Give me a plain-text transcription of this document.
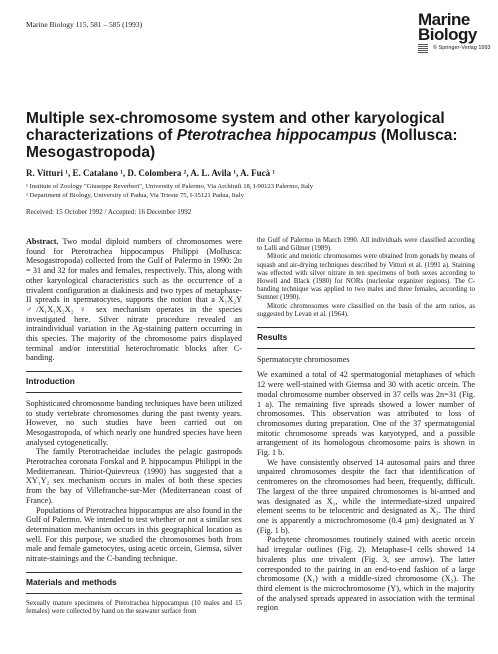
Marine Biology 115, 581 – 585 (1993)	Marine
Biology
© Springer-Verlag 1993
Multiple sex-chromosome system and other karyological characterizations of Pterotrachea hippocampus (Mollusca: Mesogastropoda)
R. Vitturi ¹, E. Catalano ¹, D. Colombera ², A. L. Avila ¹, A. Fucà ¹
¹ Institute of Zoology "Giuseppe Reverberi", University of Palermo, Via Archirafi 18, I-90123 Palermo, Italy
² Department of Biology, University of Padua, Via Trieste 75, I-35121 Padua, Italy
Received: 15 October 1992 / Accepted: 16 December 1992

Abstract. Two modal diploid numbers of chromosomes were found for Pterotrachea hippocampus Philippi (Mollusca: Mesogastropoda) collected from the Gulf of Palermo in 1990: 2n = 31 and 32 for males and females, respectively. This, along with other karyological characteristics such as the occurrence of a trivalent configuration at diakinesis and two types of metaphase-II spreads in spermatocytes, supports the notion that a X₁X₂Y ♂/X₁X₁X₂X₂ ♀ sex mechanism operates in the species investigated here. Silver nitrate procedure revealed an intraindividual variation in the Ag-staining pattern occurring in this species. The majority of the chromosome pairs displayed terminal and/or interstitial heterochromatic blocks after C-banding.

Introduction

Sophisticated chromosome banding techniques have been utilized to study vertebrate chromosomes during the past twenty years. However, no such studies have been carried out on Mesogastropoda, of which nearly one hundred species have been analysed cytogenetically.

The family Pterotracheidae includes the pelagic gastropods Pterotrachea coronata Forskal and P. hippocampus Philippi in the Mediterranean. Thiriot-Quievreux (1990) has suggested that a XY₁Y₂ sex mechanism occurs in males of both these species from the bay of Villefranche-sur-Mer (Mediterranean coast of France).

Populations of Pterotrachea hippocampus are also found in the Gulf of Palermo. We intended to test whether or not a similar sex determination mechanism occurs in this geographical location as well. For this purpose, we studied the chromosomes both from male and female gametocytes, using acetic orcein, Giemsa, silver nitrate-stainings and the C-banding technique.

Materials and methods

Sexually mature specimens of Pterotrachea hippocampus (10 males and 15 females) were collected by hand on the seawater surface from

the Gulf of Palermo in March 1990. All individuals were classified according to Lalli and Gilmer (1989).

Mitotic and meiotic chromosomes were obtained from gonads by means of squash and air-drying techniques described by Vitturi et al. (1991 a). Staining was effected with silver nitrate in ten specimens of both sexes according to Howell and Black (1980) for NORs (nucleolar organizer regions). The C-banding technique was applied to two males and three females, according to Sumner (1990).

Mitotic chromosomes were classified on the basis of the arm ratios, as suggested by Levan et al. (1964).

Results

Spermatocyte chromosomes

We examined a total of 42 spermatogonial metaphases of which 12 were well-stained with Giemsa and 30 with acetic orcein. The modal chromosome number observed in 37 cells was 2n=31 (Fig. 1 a). The remaining five spreads showed a lower number of chromosomes. This observation was attributed to loss of chromosomes during preparation. One of the 37 spermatogonial mitotic chromosome spreads was karyotyped, and a possible arrangement of its homologous chromosome pairs is shown in Fig. 1 b.

We have consistently observed 14 autosomal pairs and three unpaired chromosomes despite the fact that identification of centromeres on the chromosomes had been, frequently, difficult. The largest of the three unpaired chromosomes is bi-armed and was designated as X₁, while the intermediate-sized unpaired element seems to be telocentric and designated as X₂. The third one is apparently a microchromosome (0.4 µm) designated as Y (Fig. 1 b).

Pachytene chromosomes routinely stained with acetic orcein had irregular outlines (Fig. 2). Metaphase-I cells showed 14 bivalents plus one trivalent (Fig. 3, see arrow). The latter corresponded to the pairing in an end-to-end fashion of a large chromosome (X₁) with a middle-sized chromosome (X₂). The third element is the microchromosome (Y), which in the majority of the analysed spreads appeared in association with the terminal region
